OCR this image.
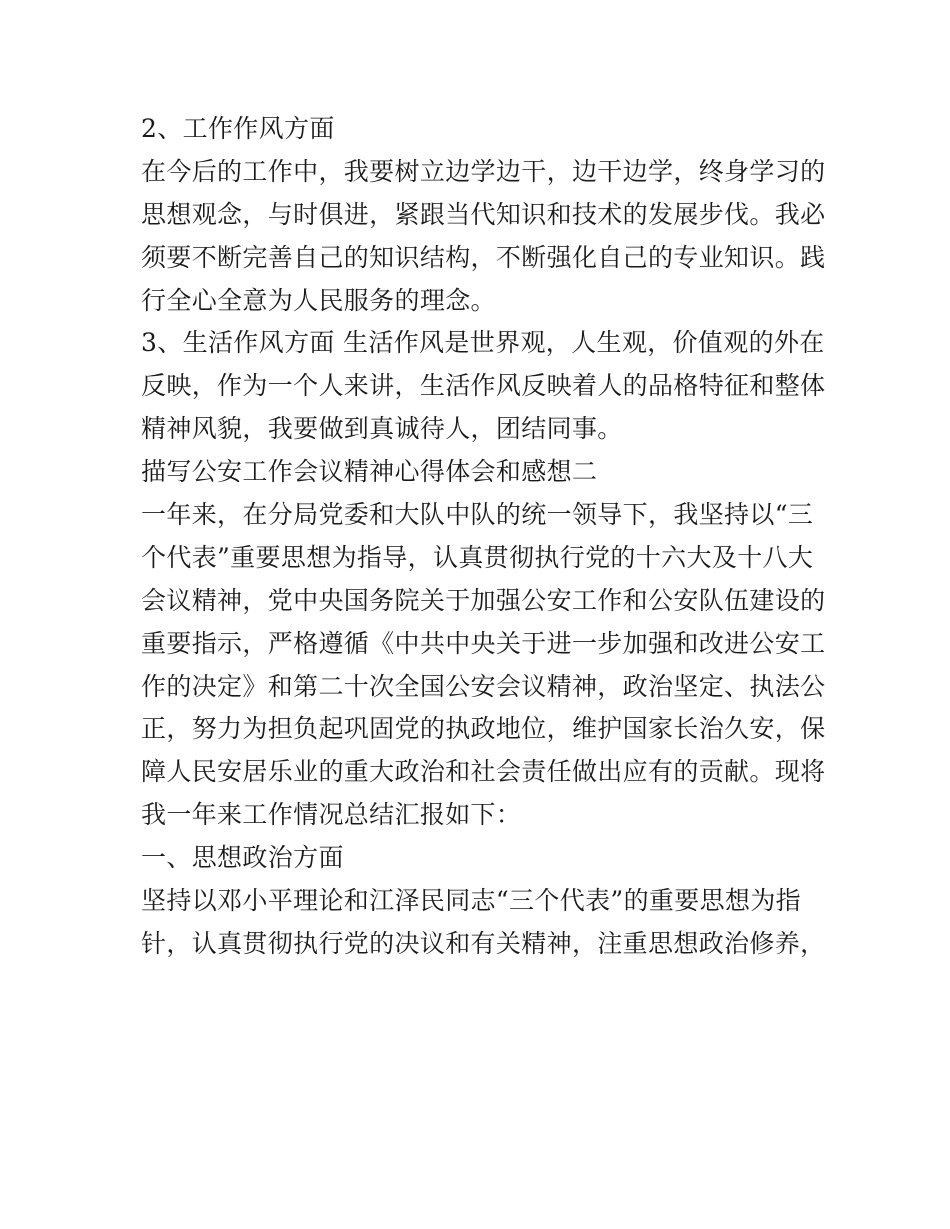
2、工作作风方面
在今后的工作中，我要树立边学边干，边干边学，终身学习的
思想观念，与时俱进，紧跟当代知识和技术的发展步伐。我必
须要不断完善自己的知识结构，不断强化自己的专业知识。践
行全心全意为人民服务的理念。
3、生活作风方面 生活作风是世界观，人生观，价值观的外在
反映，作为一个人来讲，生活作风反映着人的品格特征和整体
精神风貌，我要做到真诚待人，团结同事。
描写公安工作会议精神心得体会和感想二
一年来，在分局党委和大队中队的统一领导下，我坚持以“三
个代表”重要思想为指导，认真贯彻执行党的十六大及十八大
会议精神，党中央国务院关于加强公安工作和公安队伍建设的
重要指示，严格遵循《中共中央关于进一步加强和改进公安工
作的决定》和第二十次全国公安会议精神，政治坚定、执法公
正，努力为担负起巩固党的执政地位，维护国家长治久安，保
障人民安居乐业的重大政治和社会责任做出应有的贡献。现将
我一年来工作情况总结汇报如下：
一、思想政治方面
坚持以邓小平理论和江泽民同志“三个代表”的重要思想为指
针，认真贯彻执行党的决议和有关精神，注重思想政治修养，
